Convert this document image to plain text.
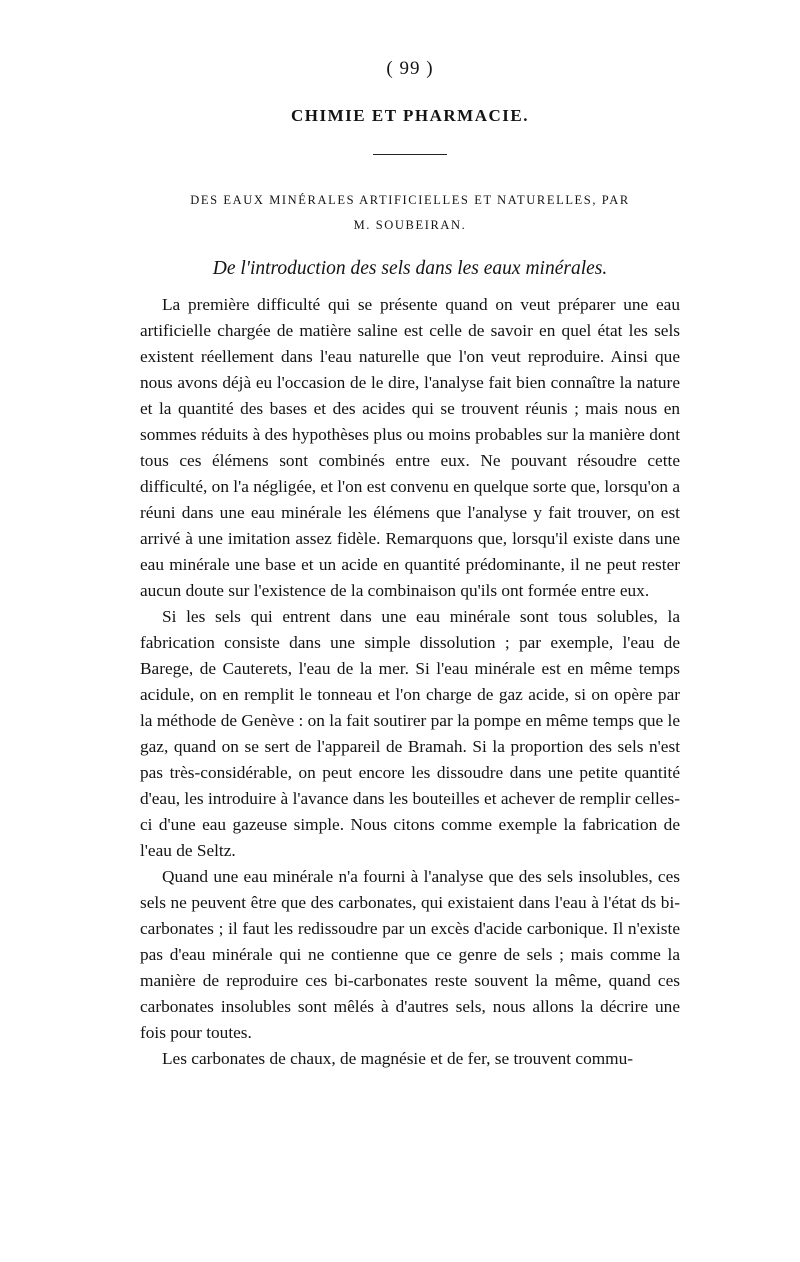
( 99 )
CHIMIE ET PHARMACIE.
DES EAUX MINÉRALES ARTIFICIELLES ET NATURELLES, PAR
M. SOUBEIRAN.
De l'introduction des sels dans les eaux minérales.

La première difficulté qui se présente quand on veut préparer une eau artificielle chargée de matière saline est celle de savoir en quel état les sels existent réellement dans l'eau naturelle que l'on veut reproduire. Ainsi que nous avons déjà eu l'occasion de le dire, l'analyse fait bien connaître la nature et la quantité des bases et des acides qui se trouvent réunis ; mais nous en sommes réduits à des hypothèses plus ou moins probables sur la manière dont tous ces élémens sont combinés entre eux. Ne pouvant résoudre cette difficulté, on l'a négligée, et l'on est convenu en quelque sorte que, lorsqu'on a réuni dans une eau minérale les élémens que l'analyse y fait trouver, on est arrivé à une imitation assez fidèle. Remarquons que, lorsqu'il existe dans une eau minérale une base et un acide en quantité prédominante, il ne peut rester aucun doute sur l'existence de la combinaison qu'ils ont formée entre eux.

Si les sels qui entrent dans une eau minérale sont tous solubles, la fabrication consiste dans une simple dissolution ; par exemple, l'eau de Barege, de Cauterets, l'eau de la mer. Si l'eau minérale est en même temps acidule, on en remplit le tonneau et l'on charge de gaz acide, si on opère par la méthode de Genève : on la fait soutirer par la pompe en même temps que le gaz, quand on se sert de l'appareil de Bramah. Si la proportion des sels n'est pas très-considérable, on peut encore les dissoudre dans une petite quantité d'eau, les introduire à l'avance dans les bouteilles et achever de remplir celles-ci d'une eau gazeuse simple. Nous citons comme exemple la fabrication de l'eau de Seltz.

Quand une eau minérale n'a fourni à l'analyse que des sels insolubles, ces sels ne peuvent être que des carbonates, qui existaient dans l'eau à l'état ds bi-carbonates ; il faut les redissoudre par un excès d'acide carbonique. Il n'existe pas d'eau minérale qui ne contienne que ce genre de sels ; mais comme la manière de reproduire ces bi-carbonates reste souvent la même, quand ces carbonates insolubles sont mêlés à d'autres sels, nous allons la décrire une fois pour toutes.

Les carbonates de chaux, de magnésie et de fer, se trouvent commu-
